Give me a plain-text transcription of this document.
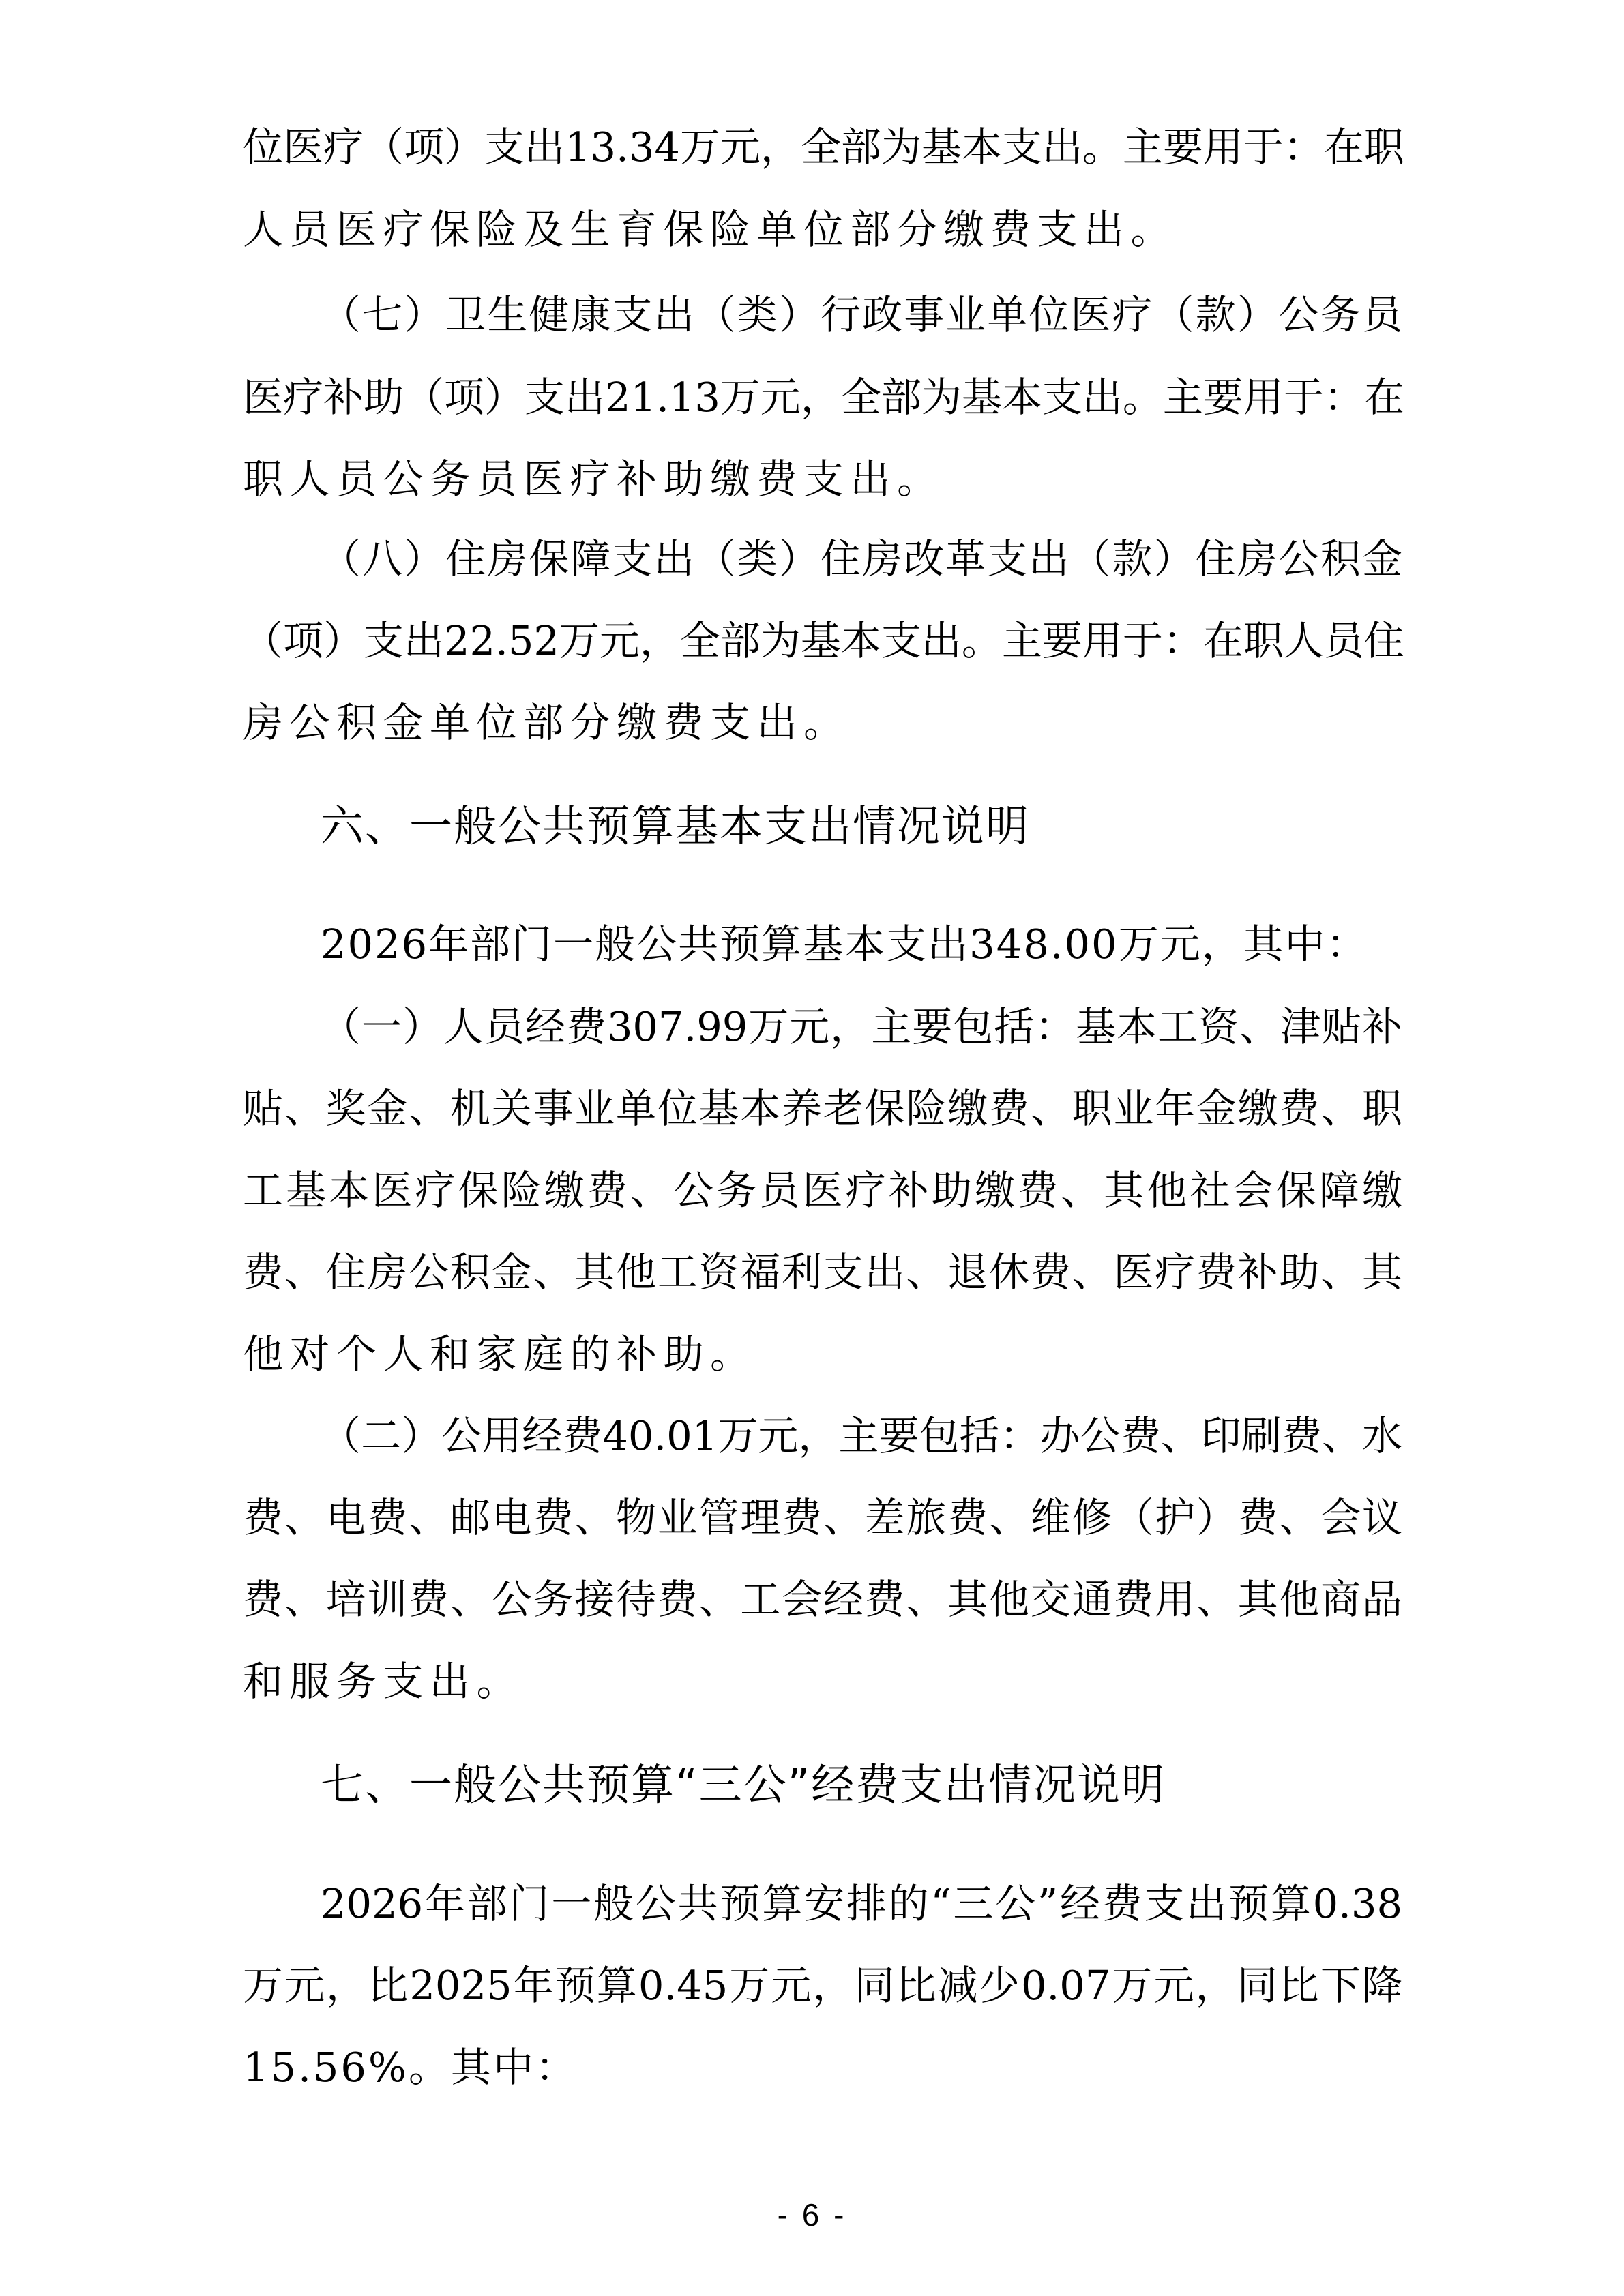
位医疗（项）支出13.34万元，全部为基本支出。主要用于：在职
人员医疗保险及生育保险单位部分缴费支出。
（七）卫生健康支出（类）行政事业单位医疗（款）公务员
医疗补助（项）支出21.13万元，全部为基本支出。主要用于：在
职人员公务员医疗补助缴费支出。
（八）住房保障支出（类）住房改革支出（款）住房公积金
（项）支出22.52万元，全部为基本支出。主要用于：在职人员住
房公积金单位部分缴费支出。
六、一般公共预算基本支出情况说明
2026年部门一般公共预算基本支出348.00万元，其中：
（一）人员经费307.99万元，主要包括：基本工资、津贴补
贴、奖金、机关事业单位基本养老保险缴费、职业年金缴费、职
工基本医疗保险缴费、公务员医疗补助缴费、其他社会保障缴
费、住房公积金、其他工资福利支出、退休费、医疗费补助、其
他对个人和家庭的补助。
（二）公用经费40.01万元，主要包括：办公费、印刷费、水
费、电费、邮电费、物业管理费、差旅费、维修（护）费、会议
费、培训费、公务接待费、工会经费、其他交通费用、其他商品
和服务支出。
七、一般公共预算“三公”经费支出情况说明
2026年部门一般公共预算安排的“三公”经费支出预算0.38
万元，比2025年预算0.45万元，同比减少0.07万元，同比下降
15.56%。其中：
- 6 -
